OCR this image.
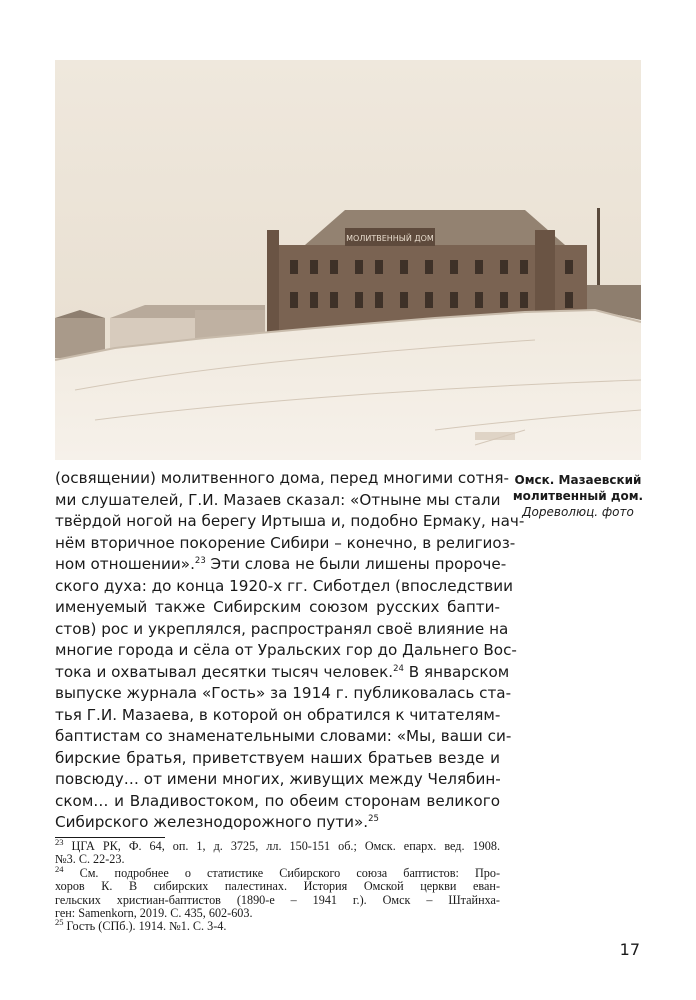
МОЛИТВЕННЫЙ ДОМ
Омск. Мазаевский
молитвенный дом.
Дореволюц. фото
(освящении) молитвенного дома, перед многими сотня-
ми слушателей, Г.И. Мазаев сказал: «Отныне мы стали
твёрдой ногой на берегу Иртыша и, подобно Ермаку, нач-
нём вторичное покорение Сибири – конечно, в религиоз-
ном отношении».$^{23}$ Эти слова не были лишены пророче-
ского духа: до конца 1920-х гг. Сиботдел (впоследствии
именуемый также Сибирским союзом русских бапти-
стов) рос и укреплялся, распространял своё влияние на
многие города и сёла от Уральских гор до Дальнего Вос-
тока и охватывал десятки тысяч человек.$^{24}$ В январском
выпуске журнала «Гость» за 1914 г. публиковалась ста-
тья Г.И. Мазаева, в которой он обратился к читателям-
баптистам со знаменательными словами: «Мы, ваши си-
бирские братья, приветствуем наших братьев везде и
повсюду… от имени многих, живущих между Челябин-
ском… и Владивостоком, по обеим сторонам великого
Сибирского железнодорожного пути».$^{25}$
$^{23}$ ЦГА РК, Ф. 64, оп. 1, д. 3725, лл. 150-151 об.; Омск. епарх. вед. 1908.
№3. С. 22-23.
$^{24}$ См. подробнее о статистике Сибирского союза баптистов: Про-
хоров К. В сибирских палестинах. История Омской церкви еван-
гельских христиан-баптистов (1890-е – 1941 г.). Омск – Штайнха-
ген: Samenkorn, 2019. С. 435, 602-603.
$^{25}$ Гость (СПб.). 1914. №1. С. 3-4.
17
